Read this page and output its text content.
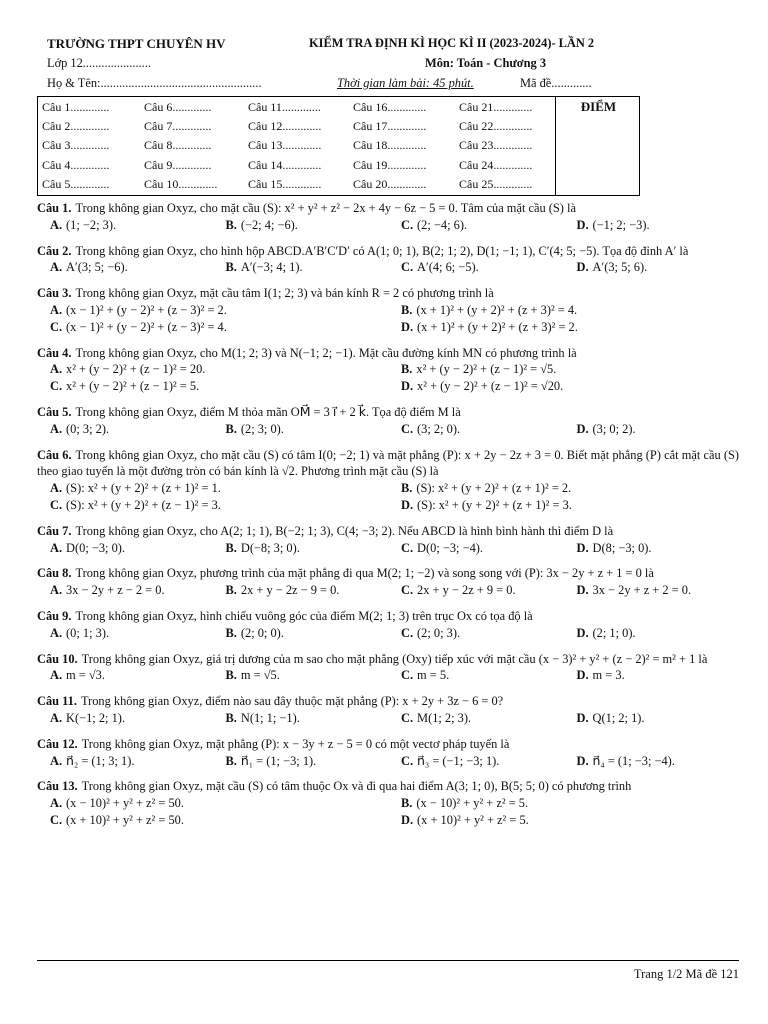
TRƯỜNG THPT CHUYÊN HV	KIỂM TRA ĐỊNH KÌ HỌC KÌ II (2023-2024)- LẦN 2
Lớp 12......................	Môn: Toán - Chương 3
Họ & Tên:....................................................	Thời gian làm bài: 45 phút.	Mã đề.............
Câu 1.............	Câu 6.............	Câu 11.............	Câu 16.............	Câu 21.............
Câu 2.............	Câu 7.............	Câu 12.............	Câu 17.............	Câu 22.............
Câu 3.............	Câu 8.............	Câu 13.............	Câu 18.............	Câu 23.............
Câu 4.............	Câu 9.............	Câu 14.............	Câu 19.............	Câu 24.............
Câu 5.............	Câu 10.............	Câu 15.............	Câu 20.............	Câu 25.............
ĐIỂM
Câu 1. Trong không gian Oxyz, cho mặt cầu (S): x² + y² + z² − 2x + 4y − 6z − 5 = 0. Tâm của mặt cầu (S) là
A. (1; −2; 3).	B. (−2; 4; −6).	C. (2; −4; 6).	D. (−1; 2; −3).
Câu 2. Trong không gian Oxyz, cho hình hộp ABCD.A′B′C′D′ có A(1; 0; 1), B(2; 1; 2), D(1; −1; 1), C′(4; 5; −5). Tọa độ đỉnh A′ là
A. A′(3; 5; −6).	B. A′(−3; 4; 1).	C. A′(4; 6; −5).	D. A′(3; 5; 6).
Câu 3. Trong không gian Oxyz, mặt cầu tâm I(1; 2; 3) và bán kính R = 2 có phương trình là
A. (x − 1)² + (y − 2)² + (z − 3)² = 2.	B. (x + 1)² + (y + 2)² + (z + 3)² = 4.
C. (x − 1)² + (y − 2)² + (z − 3)² = 4.	D. (x + 1)² + (y + 2)² + (z + 3)² = 2.
Câu 4. Trong không gian Oxyz, cho M(1; 2; 3) và N(−1; 2; −1). Mặt cầu đường kính MN có phương trình là
A. x² + (y − 2)² + (z − 1)² = 20.	B. x² + (y − 2)² + (z − 1)² = √5.
C. x² + (y − 2)² + (z − 1)² = 5.	D. x² + (y − 2)² + (z − 1)² = √20.
Câu 5. Trong không gian Oxyz, điểm M thỏa mãn OM⃗ = 3 i⃗ + 2 k⃗. Tọa độ điểm M là
A. (0; 3; 2).	B. (2; 3; 0).	C. (3; 2; 0).	D. (3; 0; 2).
Câu 6. Trong không gian Oxyz, cho mặt cầu (S) có tâm I(0; −2; 1) và mặt phẳng (P): x + 2y − 2z + 3 = 0. Biết mặt phẳng (P) cắt mặt cầu (S) theo giao tuyến là một đường tròn có bán kính là √2. Phương trình mặt cầu (S) là
A. (S): x² + (y + 2)² + (z + 1)² = 1.	B. (S): x² + (y + 2)² + (z + 1)² = 2.
C. (S): x² + (y + 2)² + (z − 1)² = 3.	D. (S): x² + (y + 2)² + (z + 1)² = 3.
Câu 7. Trong không gian Oxyz, cho A(2; 1; 1), B(−2; 1; 3), C(4; −3; 2). Nếu ABCD là hình bình hành thì điểm D là
A. D(0; −3; 0).	B. D(−8; 3; 0).	C. D(0; −3; −4).	D. D(8; −3; 0).
Câu 8. Trong không gian Oxyz, phương trình của mặt phẳng đi qua M(2; 1; −2) và song song với (P): 3x − 2y + z + 1 = 0 là
A. 3x − 2y + z − 2 = 0.	B. 2x + y − 2z − 9 = 0.	C. 2x + y − 2z + 9 = 0.	D. 3x − 2y + z + 2 = 0.
Câu 9. Trong không gian Oxyz, hình chiếu vuông góc của điểm M(2; 1; 3) trên trục Ox có tọa độ là
A. (0; 1; 3).	B. (2; 0; 0).	C. (2; 0; 3).	D. (2; 1; 0).
Câu 10. Trong không gian Oxyz, giá trị dương của m sao cho mặt phẳng (Oxy) tiếp xúc với mặt cầu (x − 3)² + y² + (z − 2)² = m² + 1 là
A. m = √3.	B. m = √5.	C. m = 5.	D. m = 3.
Câu 11. Trong không gian Oxyz, điểm nào sau đây thuộc mặt phẳng (P): x + 2y + 3z − 6 = 0?
A. K(−1; 2; 1).	B. N(1; 1; −1).	C. M(1; 2; 3).	D. Q(1; 2; 1).
Câu 12. Trong không gian Oxyz, mặt phẳng (P): x − 3y + z − 5 = 0 có một vectơ pháp tuyến là
A. n⃗₂ = (1; 3; 1).	B. n⃗₁ = (1; −3; 1).	C. n⃗₃ = (−1; −3; 1).	D. n⃗₄ = (1; −3; −4).
Câu 13. Trong không gian Oxyz, mặt cầu (S) có tâm thuộc Ox và đi qua hai điểm A(3; 1; 0), B(5; 5; 0) có phương trình
A. (x − 10)² + y² + z² = 50.	B. (x − 10)² + y² + z² = 5.
C. (x + 10)² + y² + z² = 50.	D. (x + 10)² + y² + z² = 5.
Trang 1/2 Mã đề 121
